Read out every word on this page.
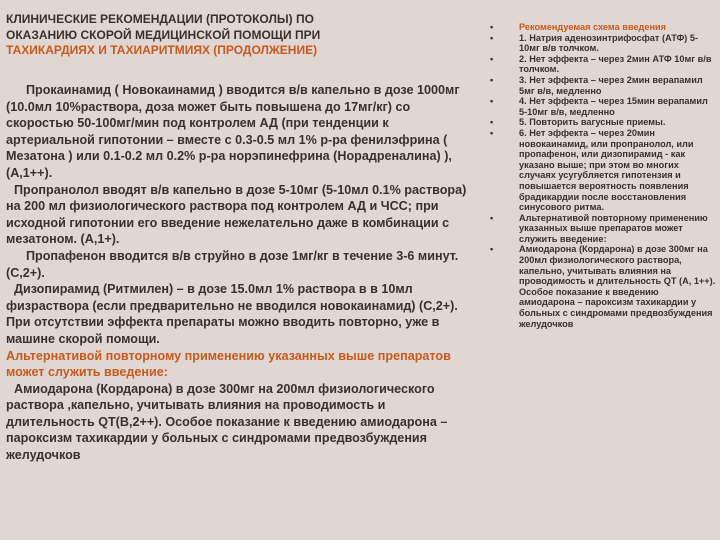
КЛИНИЧЕСКИЕ РЕКОМЕНДАЦИИ (ПРОТОКОЛЫ) ПО
ОКАЗАНИЮ СКОРОЙ МЕДИЦИНСКОЙ ПОМОЩИ ПРИ
ТАХИКАРДИЯХ И ТАХИАРИТМИЯХ (ПРОДОЛЖЕНИЕ)

Прокаинамид ( Новокаинамид ) вводится в/в капельно в дозе 1000мг (10.0мл 10%раствора, доза может быть повышена до 17мг/кг) со скоростью 50-100мг/мин под контролем АД (при тенденции к артериальной гипотонии – вместе с 0.3-0.5 мл 1% р-ра фенилэфрина ( Мезатона ) или 0.1-0.2 мл 0.2% р-ра норэпинефрина (Норадреналина) ), (А,1++).

Пропранолол вводят в/в капельно в дозе 5-10мг (5-10мл 0.1% раствора) на 200 мл физиологического раствора под контролем АД и ЧСС; при исходной гипотонии его введение нежелательно даже в комбинации с мезатоном. (А,1+).

Пропафенон вводится в/в струйно в дозе 1мг/кг в течение 3-6 минут. (С,2+).

Дизопирамид (Ритмилен) – в дозе 15.0мл 1% раствора в в 10мл физраствора (если предварительно не вводился новокаинамид) (С,2+).

При отсутствии эффекта препараты можно вводить повторно, уже в машине скорой помощи.

Альтернативой повторному применению указанных выше препаратов может служить введение:

Амиодарона (Кордарона) в дозе 300мг на 200мл физиологического раствора ,капельно, учитывать влияния на проводимость и длительность QT(В,2++). Особое показание к введению амиодарона – пароксизм тахикардии у больных с синдромами предвозбуждения желудочков

•	Рекомендуемая схема введения
•	1. Натрия аденозинтрифосфат (АТФ) 5-10мг в/в толчком.
•	2. Нет эффекта – через 2мин АТФ 10мг в/в толчком.
•	3. Нет эффекта – через 2мин верапамил 5мг в/в, медленно
•	4. Нет эффекта – через 15мин верапамил 5-10мг в/в, медленно
•	5. Повторить вагусные приемы.
•	6. Нет эффекта – через 20мин новокаинамид, или пропранолол, или пропафенон, или дизопирамид - как указано выше; при этом во многих случаях усугубляется гипотензия и повышается вероятность появления брадикардии после восстановления синусового ритма.
•	Альтернативой повторному применению указанных выше препаратов может служить введение:
•	Амиодарона (Кордарона) в дозе 300мг на 200мл физиологического раствора, капельно, учитывать влияния на проводимость и длительность QT (А, 1++). Особое показание к введению амиодарона – пароксизм тахикардии у больных с синдромами предвозбуждения желудочков
